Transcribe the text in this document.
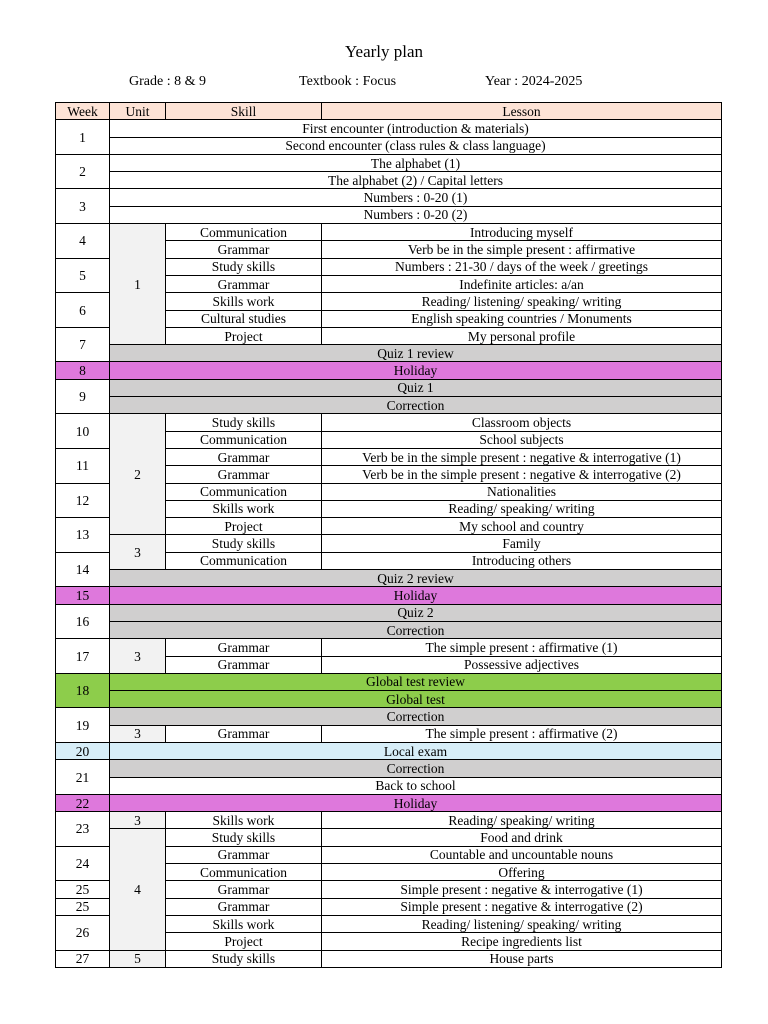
Yearly plan
Grade : 8 & 9	Textbook : Focus	Year : 2024-2025
Week	Unit	Skill	Lesson
1	First encounter (introduction & materials)		
	Second encounter (class rules & class language)		
2	The alphabet (1)		
	The alphabet (2) / Capital letters		
3	Numbers : 0-20 (1)		
	Numbers : 0-20 (2)		
4	1	Communication	Introducing myself
		Grammar	Verb be in the simple present : affirmative
5		Study skills	Numbers : 21-30 / days of the week / greetings
		Grammar	Indefinite articles: a/an
6		Skills work	Reading/ listening/ speaking/ writing
		Cultural studies	English speaking countries / Monuments
7		Project	My personal profile
	Quiz 1 review		
8	Holiday		
9	Quiz 1		
	Correction		
10	2	Study skills	Classroom objects
		Communication	School subjects
11		Grammar	Verb be in the simple present : negative & interrogative (1)
		Grammar	Verb be in the simple present : negative & interrogative (2)
12		Communication	Nationalities
		Skills work	Reading/ speaking/ writing
13		Project	My school and country
	3	Study skills	Family
14		Communication	Introducing others
	Quiz 2 review		
15	Holiday		
16	Quiz 2		
	Correction		
17	3	Grammar	The simple present : affirmative (1)
		Grammar	Possessive adjectives
18	Global test review		
	Global test		
19	Correction		
	3	Grammar	The simple present : affirmative (2)
20	Local exam		
21	Correction		
	Back to school		
22	Holiday		
23	3	Skills work	Reading/ speaking/ writing
	4	Study skills	Food and drink
24		Grammar	Countable and uncountable nouns
		Communication	Offering
25		Grammar	Simple present : negative & interrogative (1)
25		Grammar	Simple present : negative & interrogative (2)
26		Skills work	Reading/ listening/ speaking/ writing
		Project	Recipe ingredients list
27	5	Study skills	House parts
